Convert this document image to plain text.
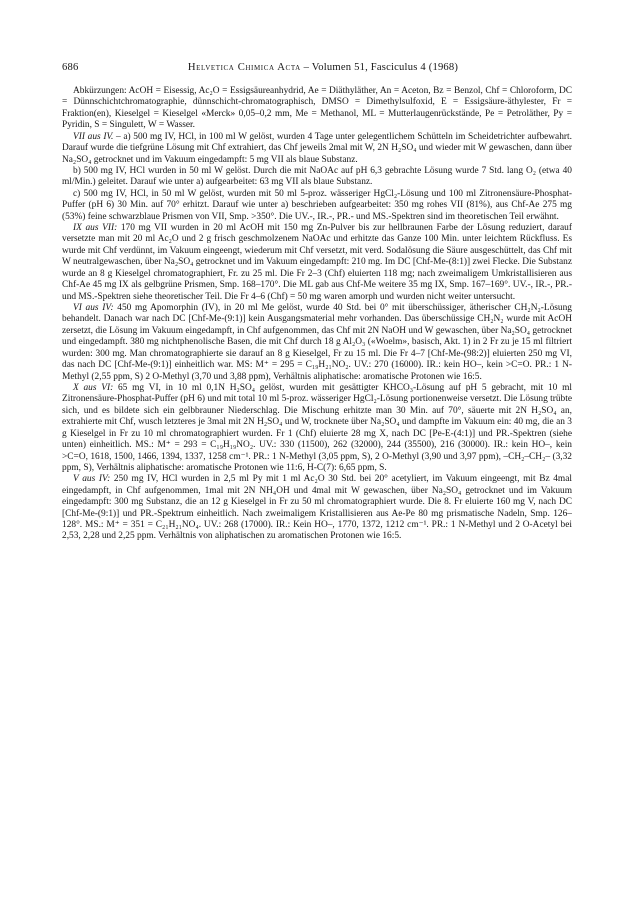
686	Helvetica Chimica Acta – Volumen 51, Fasciculus 4 (1968)

Abkürzungen: AcOH = Eisessig, Ac₂O = Essigsäureanhydrid, Ae = Diäthyläther, An = Aceton, Bz = Benzol, Chf = Chloroform, DC = Dünnschichtchromatographie, dünnschicht-chromatographisch, DMSO = Dimethylsulfoxid, E = Essigsäure-äthylester, Fr = Fraktion(en), Kieselgel = Kieselgel «Merck» 0,05–0,2 mm, Me = Methanol, ML = Mutterlaugenrückstände, Pe = Petroläther, Py = Pyridin, S = Singulett, W = Wasser.

VII aus IV. – a) 500 mg IV, HCl, in 100 ml W gelöst, wurden 4 Tage unter gelegentlichem Schütteln im Scheidetrichter aufbewahrt. Darauf wurde die tiefgrüne Lösung mit Chf extrahiert, das Chf jeweils 2mal mit W, 2N H₂SO₄ und wieder mit W gewaschen, dann über Na₂SO₄ getrocknet und im Vakuum eingedampft: 5 mg VII als blaue Substanz.

b) 500 mg IV, HCl wurden in 50 ml W gelöst. Durch die mit NaOAc auf pH 6,3 gebrachte Lösung wurde 7 Std. lang O₂ (etwa 40 ml/Min.) geleitet. Darauf wie unter a) aufgearbeitet: 63 mg VII als blaue Substanz.

c) 500 mg IV, HCl, in 50 ml W gelöst, wurden mit 50 ml 5-proz. wässeriger HgCl₂-Lösung und 100 ml Zitronensäure-Phosphat-Puffer (pH 6) 30 Min. auf 70° erhitzt. Darauf wie unter a) beschrieben aufgearbeitet: 350 mg rohes VII (81%), aus Chf-Ae 275 mg (53%) feine schwarzblaue Prismen von VII, Smp. >350°. Die UV.-, IR.-, PR.- und MS.-Spektren sind im theoretischen Teil erwähnt.

IX aus VII: 170 mg VII wurden in 20 ml AcOH mit 150 mg Zn-Pulver bis zur hellbraunen Farbe der Lösung reduziert, darauf versetzte man mit 20 ml Ac₂O und 2 g frisch geschmolzenem NaOAc und erhitzte das Ganze 100 Min. unter leichtem Rückfluss. Es wurde mit Chf verdünnt, im Vakuum eingeengt, wiederum mit Chf versetzt, mit verd. Sodalösung die Säure ausgeschüttelt, das Chf mit W neutralgewaschen, über Na₂SO₄ getrocknet und im Vakuum eingedampft: 210 mg. Im DC [Chf-Me-(8:1)] zwei Flecke. Die Substanz wurde an 8 g Kieselgel chromatographiert, Fr. zu 25 ml. Die Fr 2–3 (Chf) eluierten 118 mg; nach zweimaligem Umkristallisieren aus Chf-Ae 45 mg IX als gelbgrüne Prismen, Smp. 168–170°. Die ML gab aus Chf-Me weitere 35 mg IX, Smp. 167–169°. UV.-, IR.-, PR.- und MS.-Spektren siehe theoretischer Teil. Die Fr 4–6 (Chf) = 50 mg waren amorph und wurden nicht weiter untersucht.

VI aus IV: 450 mg Apomorphin (IV), in 20 ml Me gelöst, wurde 40 Std. bei 0° mit überschüssiger, ätherischer CH₂N₂-Lösung behandelt. Danach war nach DC [Chf-Me-(9:1)] kein Ausgangsmaterial mehr vorhanden. Das überschüssige CH₂N₂ wurde mit AcOH zersetzt, die Lösung im Vakuum eingedampft, in Chf aufgenommen, das Chf mit 2N NaOH und W gewaschen, über Na₂SO₄ getrocknet und eingedampft. 380 mg nichtphenolische Basen, die mit Chf durch 18 g Al₂O₃ («Woelm», basisch, Akt. 1) in 2 Fr zu je 15 ml filtriert wurden: 300 mg. Man chromatographierte sie darauf an 8 g Kieselgel, Fr zu 15 ml. Die Fr 4–7 [Chf-Me-(98:2)] eluierten 250 mg VI, das nach DC [Chf-Me-(9:1)] einheitlich war. MS: M⁺ = 295 = C₁₉H₂₁NO₂. UV.: 270 (16000). IR.: kein HO–, kein >C=O. PR.: 1 N-Methyl (2,55 ppm, S) 2 O-Methyl (3,70 und 3,88 ppm), Verhältnis aliphatische: aromatische Protonen wie 16:5.

X aus VI: 65 mg VI, in 10 ml 0,1N H₂SO₄ gelöst, wurden mit gesättigter KHCO₃-Lösung auf pH 5 gebracht, mit 10 ml Zitronensäure-Phosphat-Puffer (pH 6) und mit total 10 ml 5-proz. wässeriger HgCl₂-Lösung portionenweise versetzt. Die Lösung trübte sich, und es bildete sich ein gelbbrauner Niederschlag. Die Mischung erhitzte man 30 Min. auf 70°, säuerte mit 2N H₂SO₄ an, extrahierte mit Chf, wusch letzteres je 3mal mit 2N H₂SO₄ und W, trocknete über Na₂SO₄ und dampfte im Vakuum ein: 40 mg, die an 3 g Kieselgel in Fr zu 10 ml chromatographiert wurden. Fr 1 (Chf) eluierte 28 mg X, nach DC [Pe-E-(4:1)] und PR.-Spektren (siehe unten) einheitlich. MS.: M⁺ = 293 = C₁₉H₁₉NO₂. UV.: 330 (11500), 262 (32000), 244 (35500), 216 (30000). IR.: kein HO–, kein >C=O, 1618, 1500, 1466, 1394, 1337, 1258 cm⁻¹. PR.: 1 N-Methyl (3,05 ppm, S), 2 O-Methyl (3,90 und 3,97 ppm), –CH₂–CH₂– (3,32 ppm, S), Verhältnis aliphatische: aromatische Protonen wie 11:6, H-C(7): 6,65 ppm, S.

V aus IV: 250 mg IV, HCl wurden in 2,5 ml Py mit 1 ml Ac₂O 30 Std. bei 20° acetyliert, im Vakuum eingeengt, mit Bz 4mal eingedampft, in Chf aufgenommen, 1mal mit 2N NH₄OH und 4mal mit W gewaschen, über Na₂SO₄ getrocknet und im Vakuum eingedampft: 300 mg Substanz, die an 12 g Kieselgel in Fr zu 50 ml chromatographiert wurde. Die 8. Fr eluierte 160 mg V, nach DC [Chf-Me-(9:1)] und PR.-Spektrum einheitlich. Nach zweimaligem Kristallisieren aus Ae-Pe 80 mg prismatische Nadeln, Smp. 126–128°. MS.: M⁺ = 351 = C₂₁H₂₁NO₄. UV.: 268 (17000). IR.: Kein HO–, 1770, 1372, 1212 cm⁻¹. PR.: 1 N-Methyl und 2 O-Acetyl bei 2,53, 2,28 und 2,25 ppm. Verhältnis von aliphatischen zu aromatischen Protonen wie 16:5.
